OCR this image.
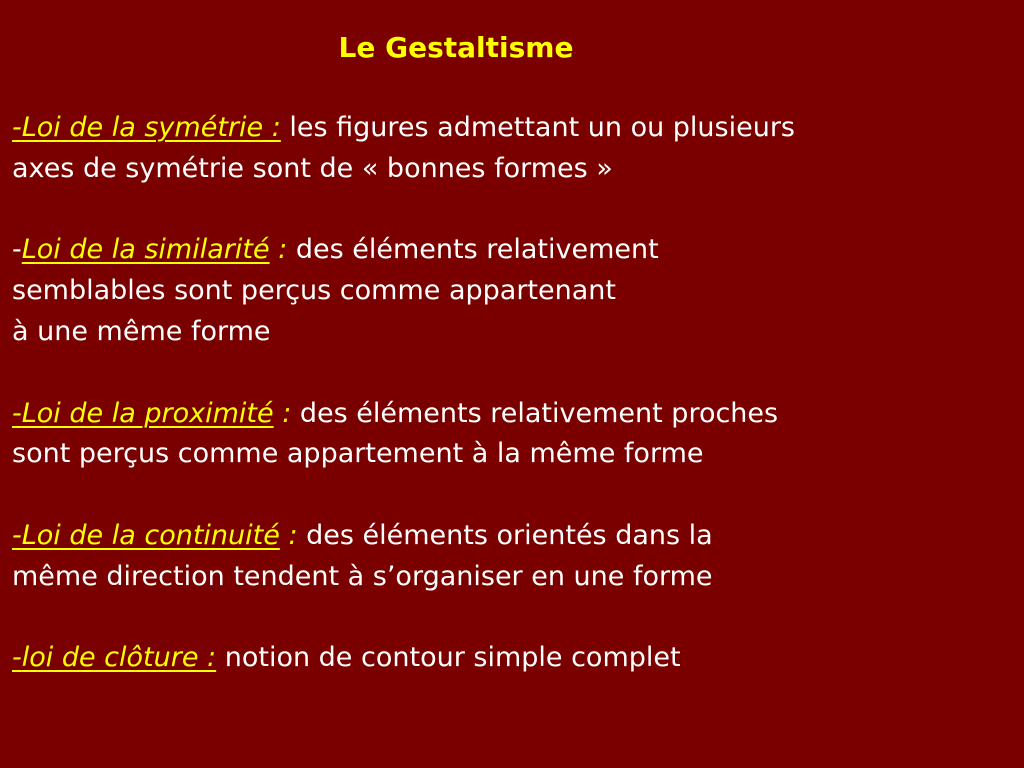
Le Gestaltisme
-Loi de la symétrie : les figures admettant un ou plusieurs
axes de symétrie sont de « bonnes formes »
-Loi de la similarité : des éléments relativement
semblables sont perçus comme appartenant
à une même forme
-Loi de la proximité : des éléments relativement proches
sont perçus comme appartement à la même forme
-Loi de la continuité : des éléments orientés dans la
même direction tendent à s’organiser en une forme
-loi de clôture : notion de contour simple complet
